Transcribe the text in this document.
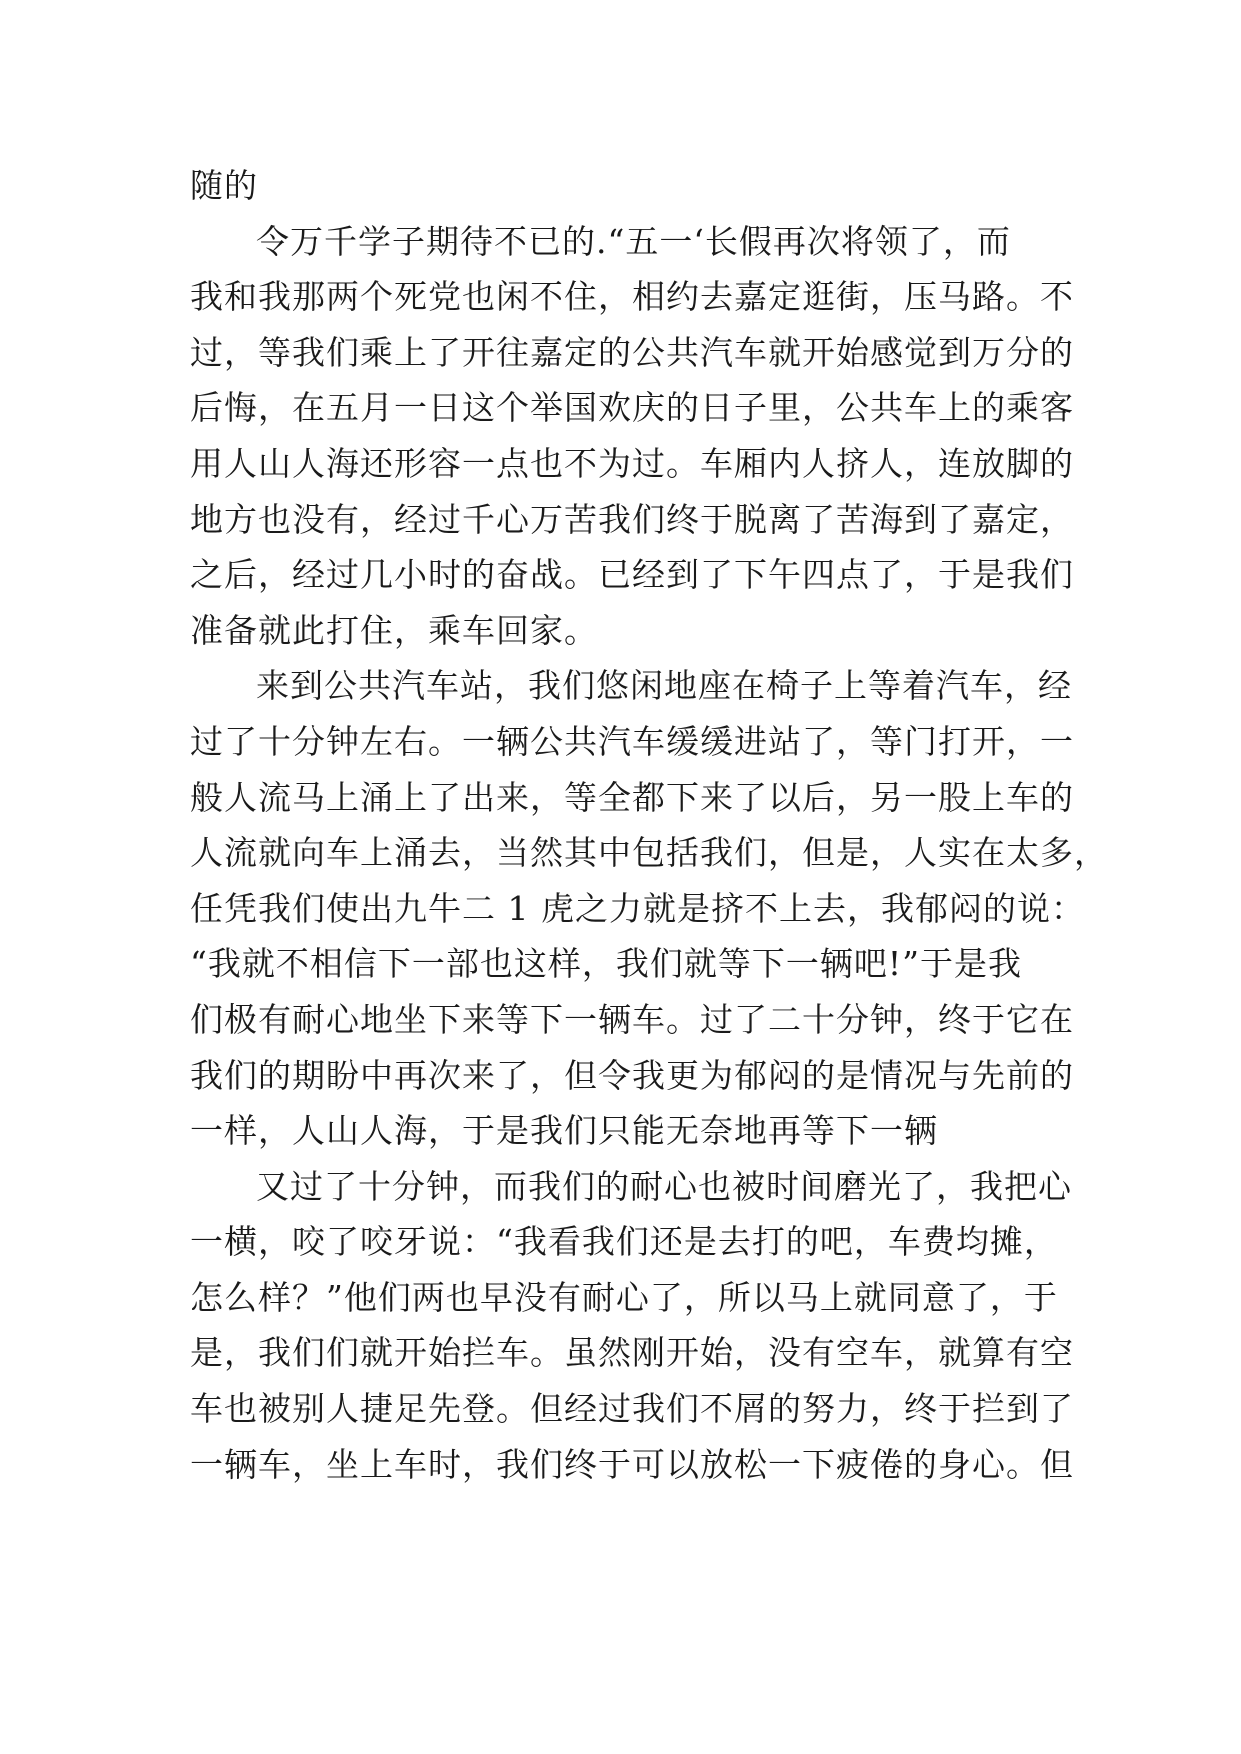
随的
令万千学子期待不已的.“五一‘长假再次将领了，而
我和我那两个死党也闲不住，相约去嘉定逛街，压马路。不
过，等我们乘上了开往嘉定的公共汽车就开始感觉到万分的
后悔，在五月一日这个举国欢庆的日子里，公共车上的乘客
用人山人海还形容一点也不为过。车厢内人挤人，连放脚的
地方也没有，经过千心万苦我们终于脱离了苦海到了嘉定，
之后，经过几小时的奋战。已经到了下午四点了，于是我们
准备就此打住，乘车回家。
来到公共汽车站，我们悠闲地座在椅子上等着汽车，经
过了十分钟左右。一辆公共汽车缓缓进站了，等门打开，一
般人流马上涌上了出来，等全都下来了以后，另一股上车的
人流就向车上涌去，当然其中包括我们，但是，人实在太多，
任凭我们使出九牛二 1 虎之力就是挤不上去，我郁闷的说：
“我就不相信下一部也这样，我们就等下一辆吧!”于是我
们极有耐心地坐下来等下一辆车。过了二十分钟，终于它在
我们的期盼中再次来了，但令我更为郁闷的是情况与先前的
一样，人山人海，于是我们只能无奈地再等下一辆
又过了十分钟，而我们的耐心也被时间磨光了，我把心
一横，咬了咬牙说：“我看我们还是去打的吧，车费均摊，
怎么样？”他们两也早没有耐心了，所以马上就同意了，于
是，我们们就开始拦车。虽然刚开始，没有空车，就算有空
车也被别人捷足先登。但经过我们不屑的努力，终于拦到了
一辆车，坐上车时，我们终于可以放松一下疲倦的身心。但
